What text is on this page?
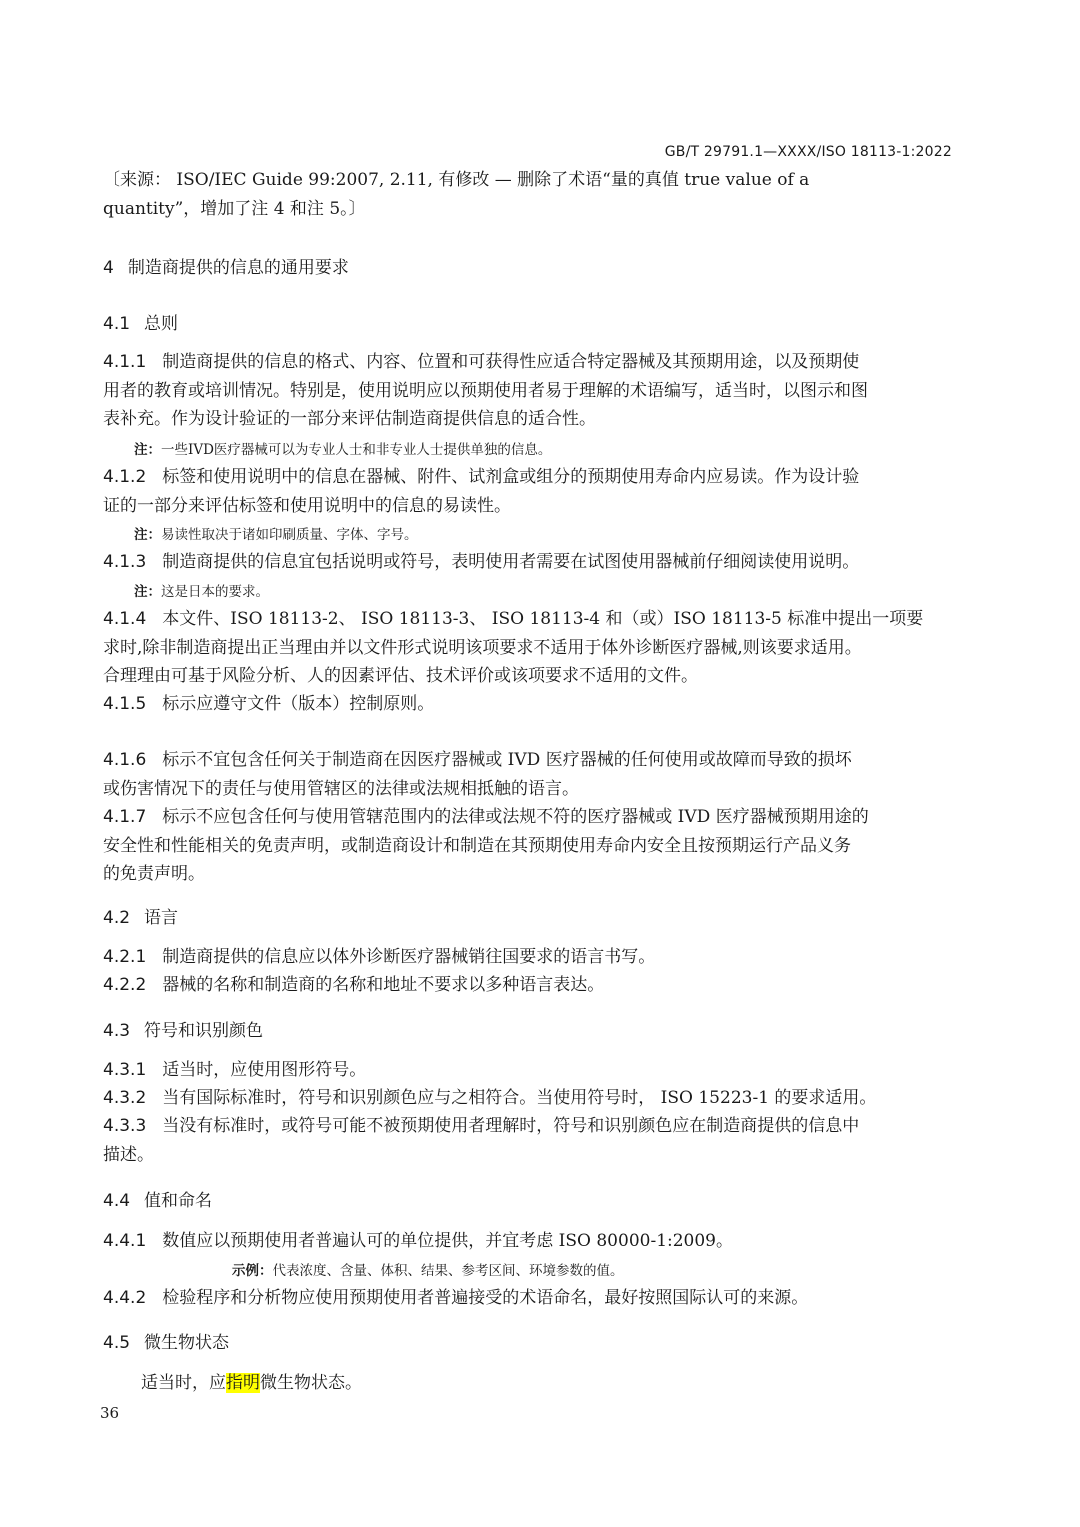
GB/T 29791.1—XXXX/ISO 18113-1:2022
〔来源： ISO/IEC Guide 99:2007, 2.11, 有修改 — 删除了术语“量的真值 true value of a
quantity”，增加了注 4 和注 5。〕
4 制造商提供的信息的通用要求
4.1 总则
4.1.1 制造商提供的信息的格式、内容、位置和可获得性应适合特定器械及其预期用途，以及预期使
用者的教育或培训情况。特别是，使用说明应以预期使用者易于理解的术语编写，适当时，以图示和图
表补充。作为设计验证的一部分来评估制造商提供信息的适合性。
注：一些IVD医疗器械可以为专业人士和非专业人士提供单独的信息。
4.1.2 标签和使用说明中的信息在器械、附件、试剂盒或组分的预期使用寿命内应易读。作为设计验
证的一部分来评估标签和使用说明中的信息的易读性。
注：易读性取决于诸如印刷质量、字体、字号。
4.1.3 制造商提供的信息宜包括说明或符号，表明使用者需要在试图使用器械前仔细阅读使用说明。
注：这是日本的要求。
4.1.4 本文件、ISO 18113-2、 ISO 18113-3、 ISO 18113-4 和（或）ISO 18113-5 标准中提出一项要
求时,除非制造商提出正当理由并以文件形式说明该项要求不适用于体外诊断医疗器械,则该要求适用。
合理理由可基于风险分析、人的因素评估、技术评价或该项要求不适用的文件。
4.1.5 标示应遵守文件（版本）控制原则。
4.1.6 标示不宜包含任何关于制造商在因医疗器械或 IVD 医疗器械的任何使用或故障而导致的损坏
或伤害情况下的责任与使用管辖区的法律或法规相抵触的语言。
4.1.7 标示不应包含任何与使用管辖范围内的法律或法规不符的医疗器械或 IVD 医疗器械预期用途的
安全性和性能相关的免责声明，或制造商设计和制造在其预期使用寿命内安全且按预期运行产品义务
的免责声明。
4.2 语言
4.2.1 制造商提供的信息应以体外诊断医疗器械销往国要求的语言书写。
4.2.2 器械的名称和制造商的名称和地址不要求以多种语言表达。
4.3 符号和识别颜色
4.3.1 适当时，应使用图形符号。
4.3.2 当有国际标准时，符号和识别颜色应与之相符合。当使用符号时， ISO 15223-1 的要求适用。
4.3.3 当没有标准时，或符号可能不被预期使用者理解时，符号和识别颜色应在制造商提供的信息中
描述。
4.4 值和命名
4.4.1 数值应以预期使用者普遍认可的单位提供，并宜考虑 ISO 80000-1:2009。
示例：代表浓度、含量、体积、结果、参考区间、环境参数的值。
4.4.2 检验程序和分析物应使用预期使用者普遍接受的术语命名，最好按照国际认可的来源。
4.5 微生物状态
适当时，应指明微生物状态。
36
